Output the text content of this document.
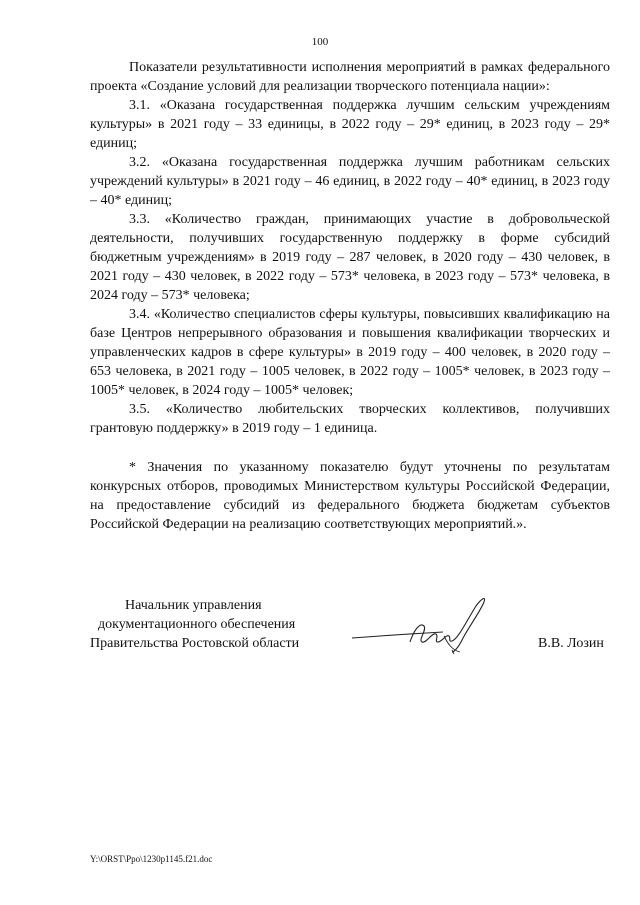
100

Показатели результативности исполнения мероприятий в рамках федерального проекта «Создание условий для реализации творческого потенциала нации»:

3.1. «Оказана государственная поддержка лучшим сельским учреждениям культуры» в 2021 году – 33 единицы, в 2022 году – 29* единиц, в 2023 году – 29* единиц;

3.2. «Оказана государственная поддержка лучшим работникам сельских учреждений культуры» в 2021 году – 46 единиц, в 2022 году – 40* единиц, в 2023 году – 40* единиц;

3.3. «Количество граждан, принимающих участие в добровольческой деятельности, получивших государственную поддержку в форме субсидий бюджетным учреждениям» в 2019 году – 287 человек, в 2020 году – 430 человек, в 2021 году – 430 человек, в 2022 году – 573* человека, в 2023 году – 573* человека, в 2024 году – 573* человека;

3.4. «Количество специалистов сферы культуры, повысивших квалификацию на базе Центров непрерывного образования и повышения квалификации творческих и управленческих кадров в сфере культуры» в 2019 году – 400 человек, в 2020 году – 653 человека, в 2021 году – 1005 человек, в 2022 году – 1005* человек, в 2023 году – 1005* человек, в 2024 году – 1005* человек;

3.5. «Количество любительских творческих коллективов, получивших грантовую поддержку» в 2019 году – 1 единица.

* Значения по указанному показателю будут уточнены по результатам конкурсных отборов, проводимых Министерством культуры Российской Федерации, на предоставление субсидий из федерального бюджета бюджетам субъектов Российской Федерации на реализацию соответствующих мероприятий.».
Начальник управления
документационного обеспечения
Правительства Ростовской области	В.В. Лозин
Y:\ORST\Ppo\1230p1145.f21.doc
